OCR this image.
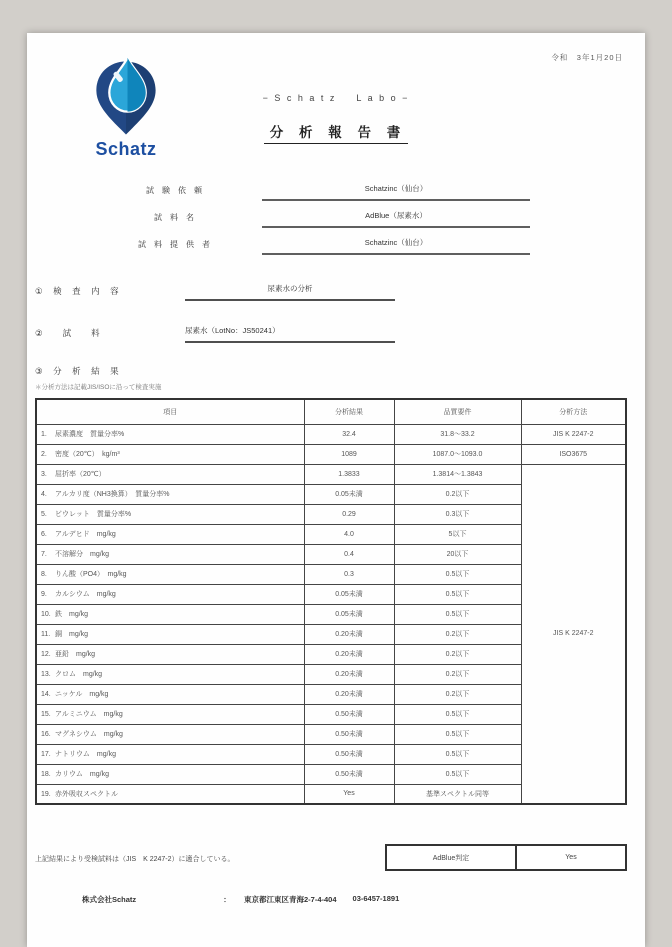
令和　3年1月20日
Schatz
− S c h a t z 　 L a b o −
分 析 報 告 書
試　験　依　頼	Schatzinc（仙台）
試　料　名	AdBlue（尿素水）
試　料　提　供　者	Schatzinc（仙台）
①　検　査　内　容	尿素水の分析
②　　試　　料	尿素水（LotNo：JS50241）
③　分　析　結　果
＊分析方法は記載JIS/ISOに沿って検査実施
項目	分析結果	品質要件	分析方法
1. 尿素濃度　質量分率%	32.4	31.8～33.2	JIS K 2247-2
2. 密度（20℃）　kg/m³	1089	1087.0～1093.0	ISO3675
3. 屈折率（20℃）	1.3833	1.3814～1.3843	JIS K 2247-2
4. アルカリ度（NH3換算）　質量分率%	0.05未満	0.2以下	
5. ビウレット　質量分率%	0.29	0.3以下	
6. アルデヒド　mg/kg	4.0	5以下	
7. 不溶解分　mg/kg	0.4	20以下	
8. りん酸（PO4）　mg/kg	0.3	0.5以下	
9. カルシウム　mg/kg	0.05未満	0.5以下	
10. 鉄　mg/kg	0.05未満	0.5以下	
11. 銅　mg/kg	0.20未満	0.2以下	
12. 亜鉛　mg/kg	0.20未満	0.2以下	
13. クロム　mg/kg	0.20未満	0.2以下	
14. ニッケル　mg/kg	0.20未満	0.2以下	
15. アルミニウム　mg/kg	0.50未満	0.5以下	
16. マグネシウム　mg/kg	0.50未満	0.5以下	
17. ナトリウム　mg/kg	0.50未満	0.5以下	
18. カリウム　mg/kg	0.50未満	0.5以下	
19. 赤外吸収スペクトル	Yes	基準スペクトル同等	
上記結果により受検試料は（JIS　K 2247-2）に適合している。	AdBlue判定	Yes
株式会社Schatz	：	東京都江東区青海2-7-4-404 03-6457-1891
